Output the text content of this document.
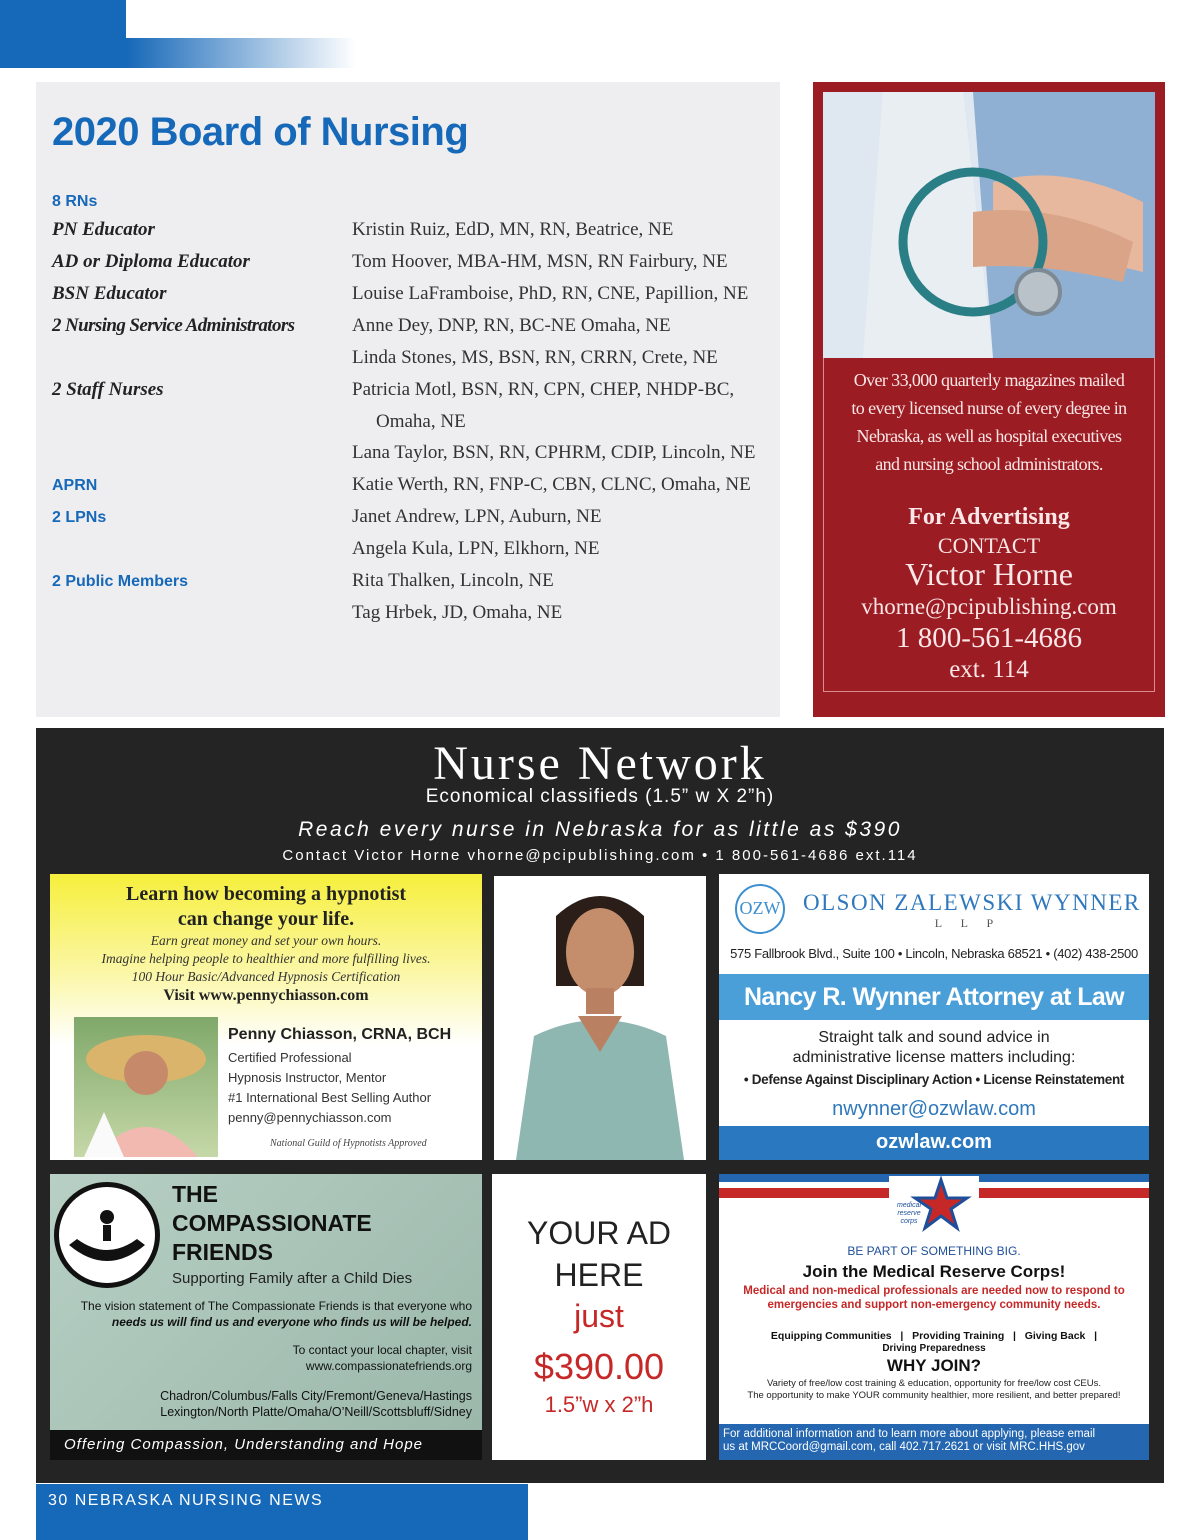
2020 Board of Nursing
8 RNs
PN Educator	Kristin Ruiz, EdD, MN, RN, Beatrice, NE
AD or Diploma Educator	Tom Hoover, MBA-HM, MSN, RN Fairbury, NE
BSN Educator	Louise LaFramboise, PhD, RN, CNE, Papillion, NE
2 Nursing Service Administrators	Anne Dey, DNP, RN, BC-NE Omaha, NE
Linda Stones, MS, BSN, RN, CRRN, Crete, NE
2 Staff Nurses	Patricia Motl, BSN, RN, CPN, CHEP, NHDP-BC,
Omaha, NE
Lana Taylor, BSN, RN, CPHRM, CDIP, Lincoln, NE
APRN	Katie Werth, RN, FNP-C, CBN, CLNC, Omaha, NE
2 LPNs	Janet Andrew, LPN, Auburn, NE
Angela Kula, LPN, Elkhorn, NE
2 Public Members	Rita Thalken, Lincoln, NE
Tag Hrbek, JD, Omaha, NE
Over 33,000 quarterly magazines mailed
to every licensed nurse of every degree in
Nebraska, as well as hospital executives
and nursing school administrators.
For Advertising
CONTACT
Victor Horne
vhorne@pcipublishing.com
1 800-561-4686
ext. 114
Nurse Network
Economical classifieds (1.5” w X 2”h)
Reach every nurse in Nebraska for as little as $390
Contact Victor Horne vhorne@pcipublishing.com • 1 800-561-4686 ext.114
Learn how becoming a hypnotist
can change your life.
Earn great money and set your own hours.
Imagine helping people to healthier and more fulfilling lives.
100 Hour Basic/Advanced Hypnosis Certification
Visit www.pennychiasson.com
Penny Chiasson, CRNA, BCH
Certified Professional
Hypnosis Instructor, Mentor
#1 International Best Selling Author
penny@pennychiasson.com
National Guild of Hypnotists Approved
OZW OLSON ZALEWSKI WYNNER
L L P
575 Fallbrook Blvd., Suite 100 • Lincoln, Nebraska 68521 • (402) 438-2500
Nancy R. Wynner Attorney at Law
Straight talk and sound advice in
administrative license matters including:
• Defense Against Disciplinary Action • License Reinstatement
nwynner@ozwlaw.com
ozwlaw.com
THE
COMPASSIONATE
FRIENDS
Supporting Family after a Child Dies
The vision statement of The Compassionate Friends is that everyone who
needs us will find us and everyone who finds us will be helped.
To contact your local chapter, visit
www.compassionatefriends.org
Chadron/Columbus/Falls City/Fremont/Geneva/Hastings
Lexington/North Platte/Omaha/O’Neill/Scottsbluff/Sidney
Offering Compassion, Understanding and Hope
YOUR AD
HERE
just
$390.00
1.5”w x 2”h
medical reserve corps
BE PART OF SOMETHING BIG.
Join the Medical Reserve Corps!
Medical and non-medical professionals are needed now to respond to emergencies and support non-emergency community needs.
Equipping Communities   |   Providing Training   |   Giving Back   |
Driving Preparedness
WHY JOIN?
Variety of free/low cost training & education, opportunity for free/low cost CEUs.
The opportunity to make YOUR community healthier, more resilient, and better prepared!
For additional information and to learn more about applying, please email
us at MRCCoord@gmail.com, call 402.717.2621 or visit MRC.HHS.gov
30 NEBRASKA NURSING NEWS
